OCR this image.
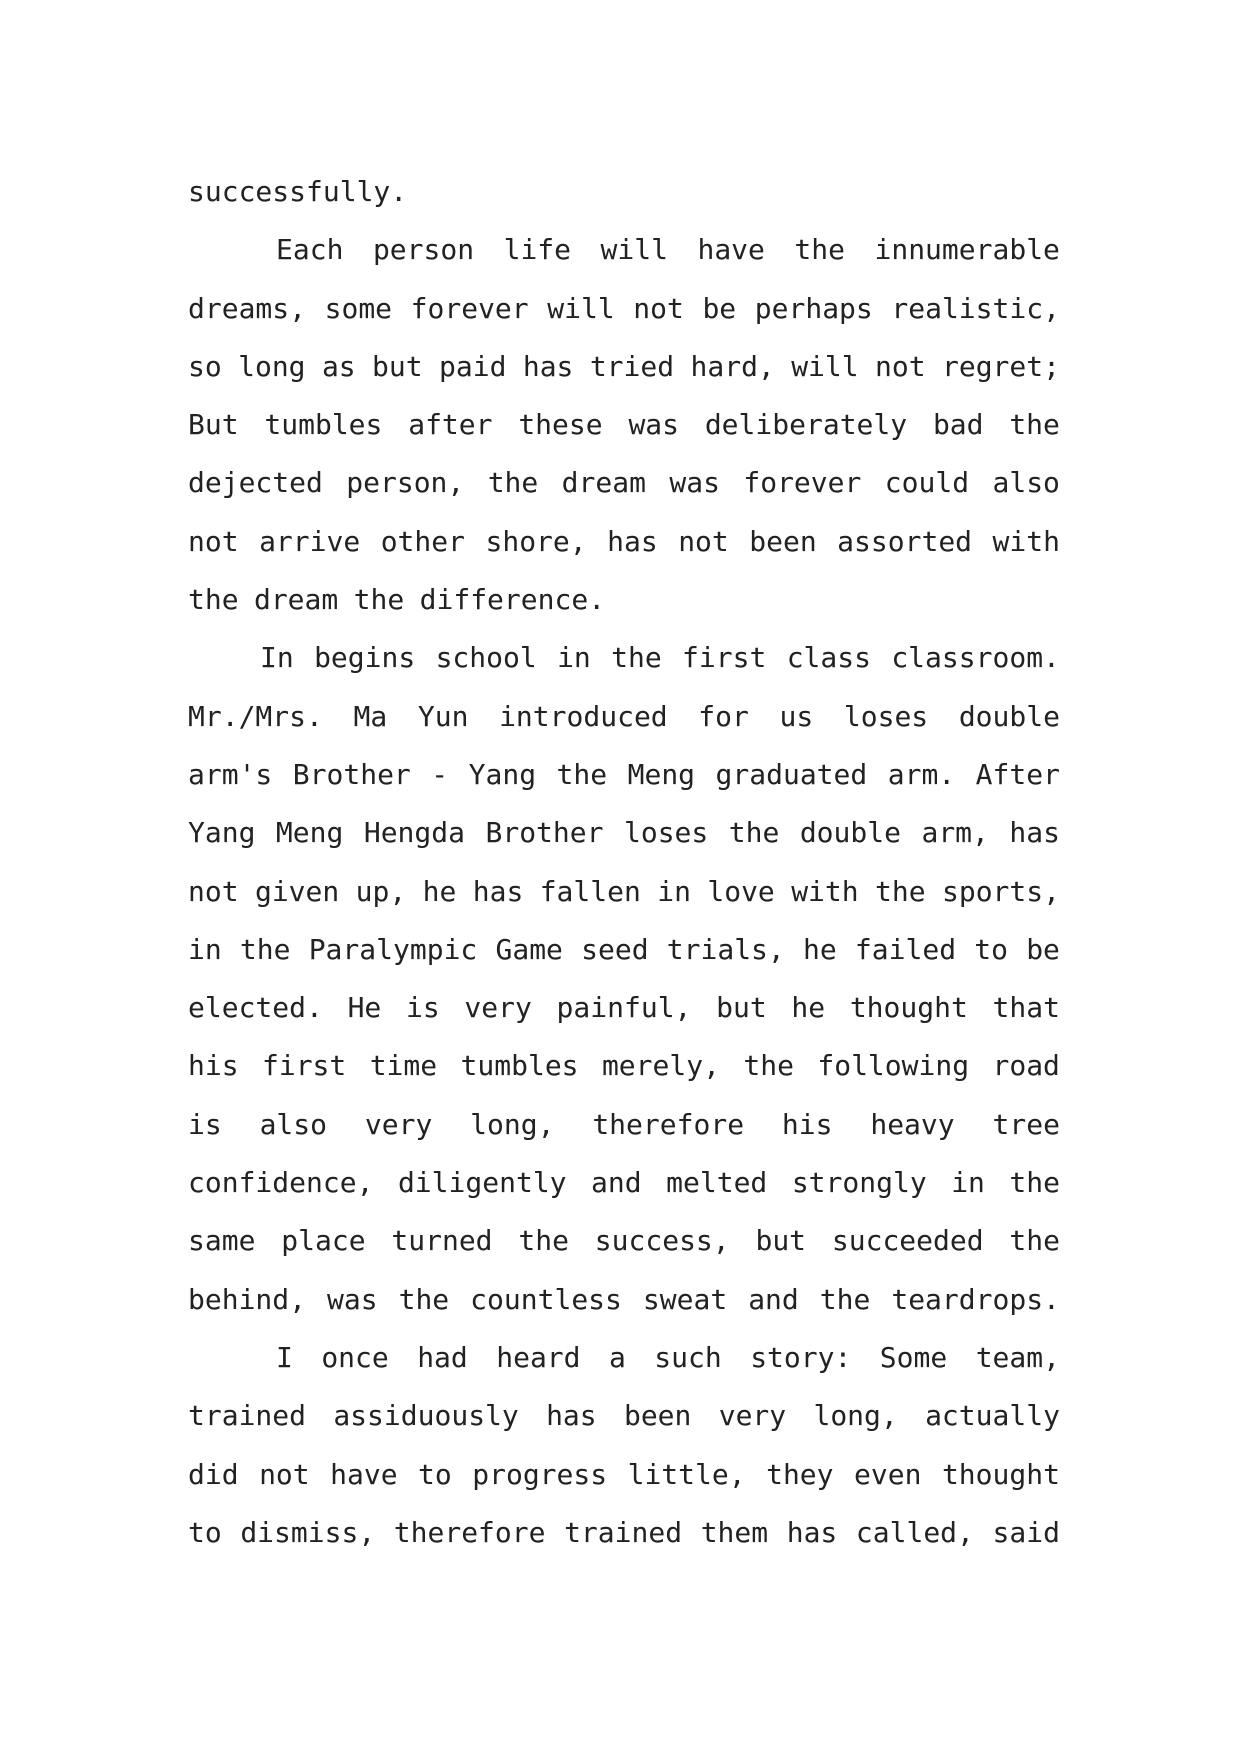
successfully.
Each person life will have the innumerable
dreams, some forever will not be perhaps realistic,
so long as but paid has tried hard, will not regret;
But tumbles after these was deliberately bad the
dejected person, the dream was forever could also
not arrive other shore, has not been assorted with
the dream the difference.
In begins school in the first class classroom.
Mr./Mrs. Ma Yun introduced for us loses double
arm's Brother - Yang the Meng graduated arm. After
Yang Meng Hengda Brother loses the double arm, has
not given up, he has fallen in love with the sports,
in the Paralympic Game seed trials, he failed to be
elected. He is very painful, but he thought that
his first time tumbles merely, the following road
is also very long, therefore his heavy tree
confidence, diligently and melted strongly in the
same place turned the success, but succeeded the
behind, was the countless sweat and the teardrops.
I once had heard a such story: Some team,
trained assiduously has been very long, actually
did not have to progress little, they even thought
to dismiss, therefore trained them has called, said
